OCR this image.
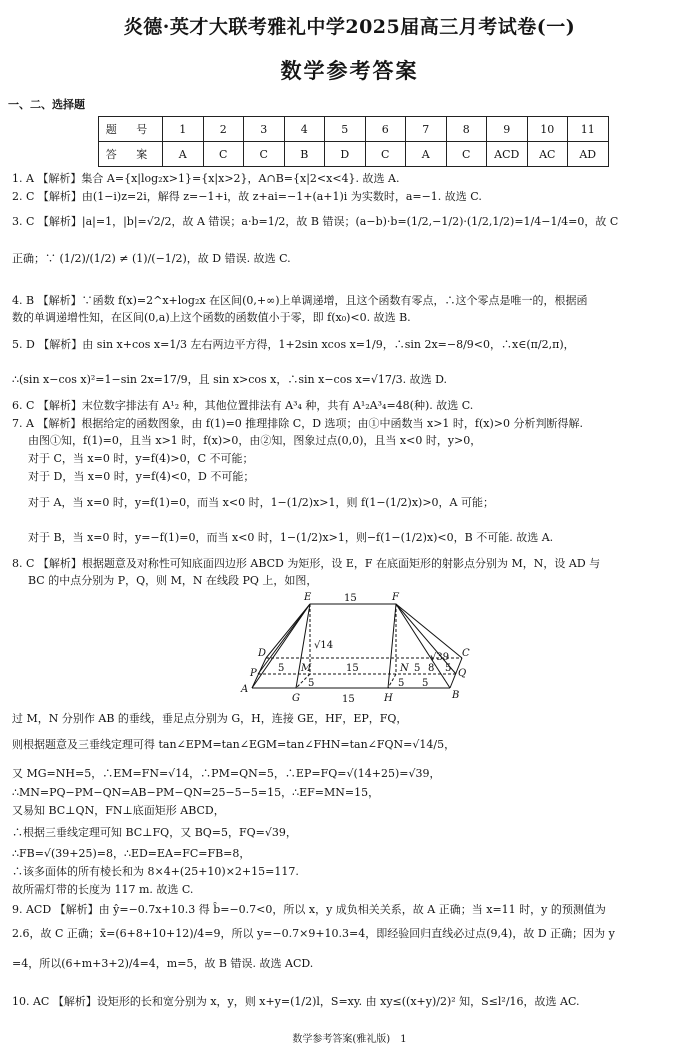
炎德·英才大联考雅礼中学2025届高三月考试卷(一)
数学参考答案
一、二、选择题
题 号	1	2	3	4	5	6	7	8	9	10	11
答 案	A	C	C	B	D	C	A	C	ACD	AC	AD
1. A 【解析】集合 A={x|log₂x>1}={x|x>2}，A∩B={x|2<x<4}. 故选 A.
2. C 【解析】由(1−i)z=2i，解得 z=−1+i，故 z+ai=−1+(a+1)i 为实数时，a=−1. 故选 C.
3. C 【解析】|a|=1，|b|=√2/2，故 A 错误；a·b=1/2，故 B 错误；(a−b)·b=(1/2,−1/2)·(1/2,1/2)=1/4−1/4=0，故 C
正确；∵ (1/2)/(1/2) ≠ (1)/(−1/2)，故 D 错误. 故选 C.
4. B 【解析】∵函数 f(x)=2^x+log₂x 在区间(0,+∞)上单调递增，且这个函数有零点，∴这个零点是唯一的，根据函
数的单调递增性知，在区间(0,a)上这个函数的函数值小于零，即 f(x₀)<0. 故选 B.
5. D 【解析】由 sin x+cos x=1/3 左右两边平方得，1+2sin xcos x=1/9，∴sin 2x=−8/9<0，∴x∈(π/2,π)，
∴(sin x−cos x)²=1−sin 2x=17/9，且 sin x>cos x，∴sin x−cos x=√17/3. 故选 D.
6. C 【解析】末位数字排法有 A¹₂ 种，其他位置排法有 A³₄ 种，共有 A¹₂A³₄=48(种). 故选 C.
7. A 【解析】根据给定的函数图象，由 f(1)=0 推理排除 C，D 选项；由①中函数当 x>1 时，f(x)>0 分析判断得解.
由图①知，f(1)=0，且当 x>1 时，f(x)>0，由②知，图象过点(0,0)，且当 x<0 时，y>0，
对于 C，当 x=0 时，y=f(4)>0，C 不可能；
对于 D，当 x=0 时，y=f(4)<0，D 不可能；
对于 A，当 x=0 时，y=f(1)=0，而当 x<0 时，1−(1/2)x>1，则 f(1−(1/2)x)>0，A 可能；
对于 B，当 x=0 时，y=−f(1)=0，而当 x<0 时，1−(1/2)x>1，则−f(1−(1/2)x)<0，B 不可能. 故选 A.
8. C 【解析】根据题意及对称性可知底面四边形 ABCD 为矩形，设 E，F 在底面矩形的射影点分别为 M，N，设 AD 与
BC 的中点分别为 P，Q，则 M，N 在线段 PQ 上，如图，
E	F
D	C
A
B
P	Q
M	N
G	H
15
√14
√39
5	5
15	5
8
5	5
15
5
过 M，N 分别作 AB 的垂线，垂足点分别为 G，H，连接 GE，HF，EP，FQ，
则根据题意及三垂线定理可得 tan∠EPM=tan∠EGM=tan∠FHN=tan∠FQN=√14/5，
又 MG=NH=5，∴EM=FN=√14，∴PM=QN=5，∴EP=FQ=√(14+25)=√39，
∴MN=PQ−PM−QN=AB−PM−QN=25−5−5=15，∴EF=MN=15，
又易知 BC⊥QN，FN⊥底面矩形 ABCD，
∴根据三垂线定理可知 BC⊥FQ，又 BQ=5，FQ=√39，
∴FB=√(39+25)=8，∴ED=EA=FC=FB=8，
∴该多面体的所有棱长和为 8×4+(25+10)×2+15=117.
故所需灯带的长度为 117 m. 故选 C.
9. ACD 【解析】由 ŷ=−0.7x+10.3 得 b̂=−0.7<0，所以 x，y 成负相关关系，故 A 正确；当 x=11 时，y 的预测值为
2.6，故 C 正确；x̄=(6+8+10+12)/4=9，所以 y=−0.7×9+10.3=4，即经验回归直线必过点(9,4)，故 D 正确；因为 y
=4，所以(6+m+3+2)/4=4，m=5，故 B 错误. 故选 ACD.
10. AC 【解析】设矩形的长和宽分别为 x，y，则 x+y=(1/2)l，S=xy. 由 xy≤((x+y)/2)² 知，S≤l²/16，故选 AC.
数学参考答案(雅礼版)　1
